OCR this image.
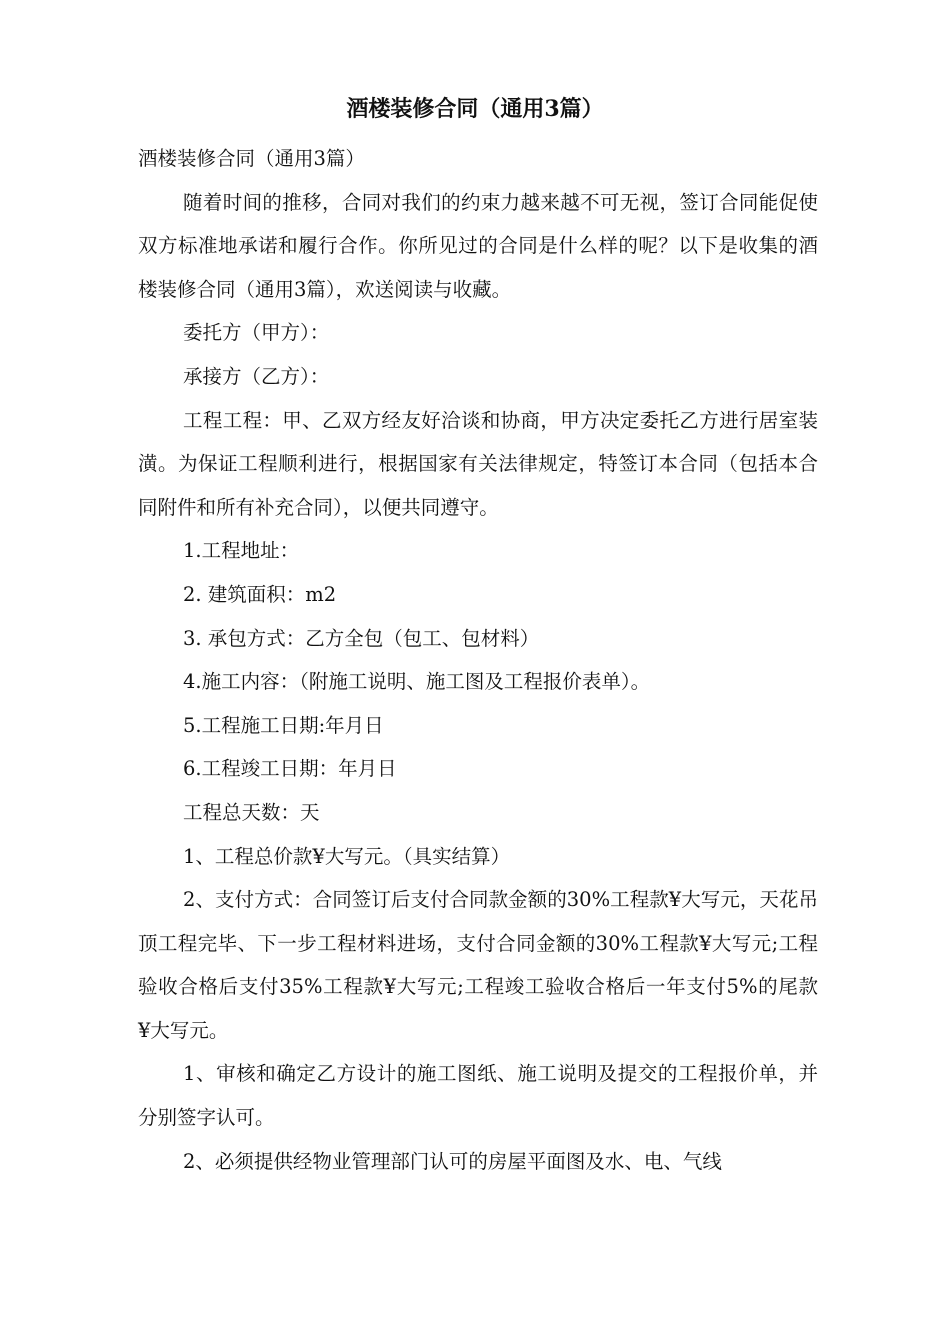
酒楼装修合同（通用3篇）

酒楼装修合同（通用3篇）

随着时间的推移，合同对我们的约束力越来越不可无视，签订合同能促使双方标准地承诺和履行合作。你所见过的合同是什么样的呢？以下是收集的酒楼装修合同（通用3篇），欢送阅读与收藏。

委托方（甲方）：

承接方（乙方）：

工程工程：甲、乙双方经友好洽谈和协商，甲方决定委托乙方进行居室装潢。为保证工程顺利进行，根据国家有关法律规定，特签订本合同（包括本合同附件和所有补充合同），以便共同遵守。

1.工程地址：

2. 建筑面积：m2

3. 承包方式：乙方全包（包工、包材料）

4.施工内容：（附施工说明、施工图及工程报价表单）。

5.工程施工日期:年月日

6.工程竣工日期：年月日

工程总天数：天

1、工程总价款¥大写元。（具实结算）

2、支付方式：合同签订后支付合同款金额的30%工程款¥大写元，天花吊顶工程完毕、下一步工程材料进场，支付合同金额的30%工程款¥大写元;工程验收合格后支付35%工程款¥大写元;工程竣工验收合格后一年支付5%的尾款¥大写元。

1、审核和确定乙方设计的施工图纸、施工说明及提交的工程报价单，并分别签字认可。

2、必须提供经物业管理部门认可的房屋平面图及水、电、气线
